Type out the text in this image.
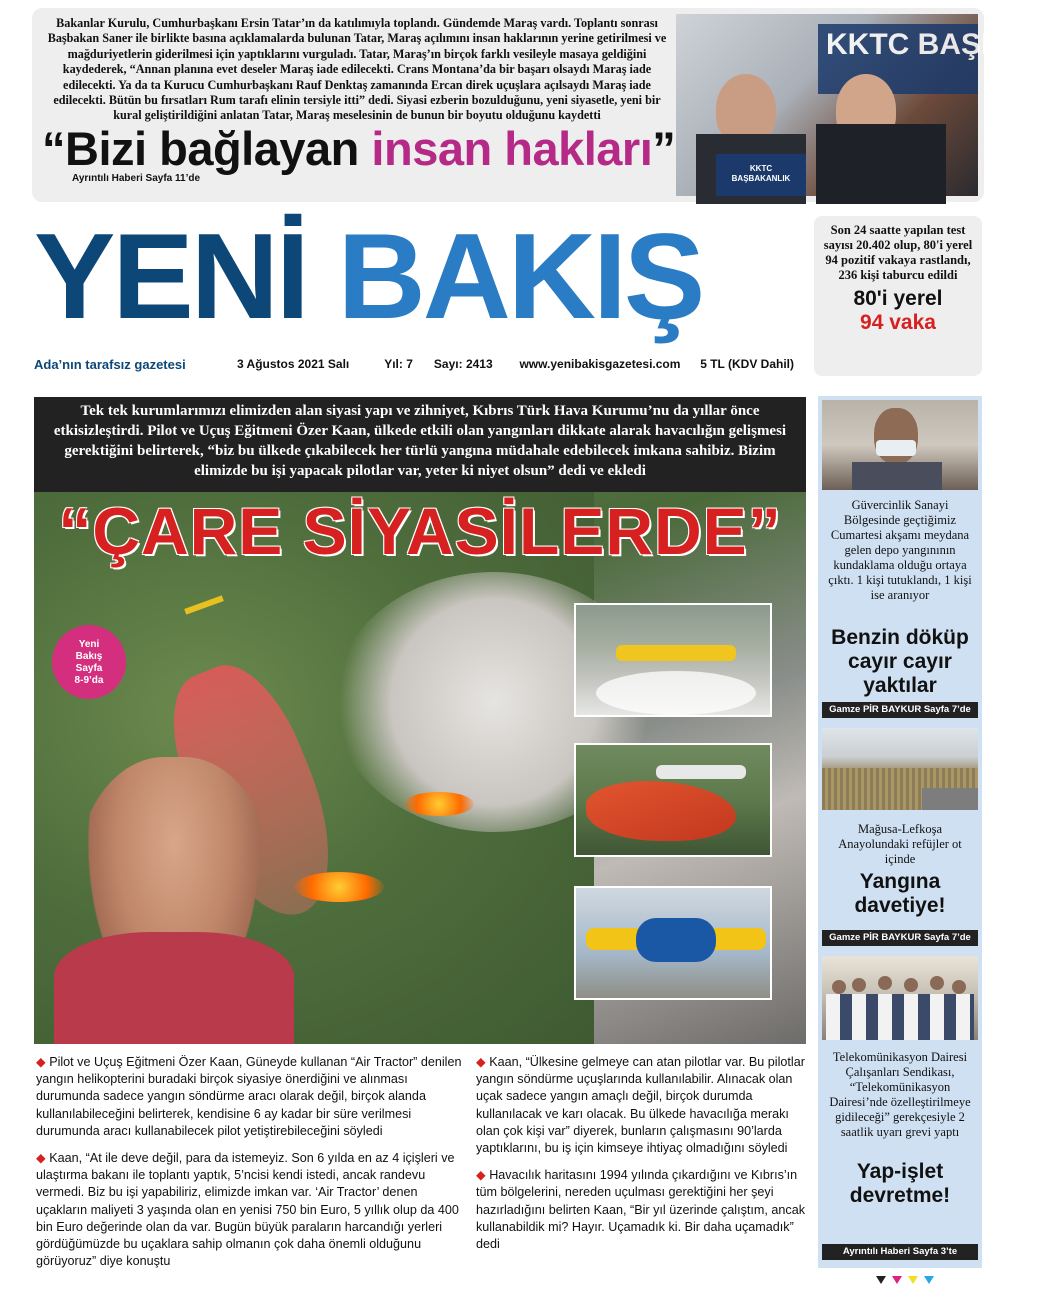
Bakanlar Kurulu, Cumhurbaşkanı Ersin Tatar’ın da katılımıyla toplandı. Gündemde Maraş vardı. Toplantı sonrası Başbakan Saner ile birlikte basına açıklamalarda bulunan Tatar, Maraş açılımını insan haklarının yerine getirilmesi ve mağduriyetlerin giderilmesi için yaptıklarını vurguladı. Tatar, Maraş’ın birçok farklı vesileyle masaya geldiğini kaydederek, “Annan planına evet deseler Maraş iade edilecekti. Crans Montana’da bir başarı olsaydı Maraş iade edilecekti. Ya da ta Kurucu Cumhurbaşkanı Rauf Denktaş zamanında Ercan direk uçuşlara açılsaydı Maraş iade edilecekti. Bütün bu fırsatları Rum tarafı elinin tersiyle itti” dedi. Siyasi ezberin bozulduğunu, yeni siyasetle, yeni bir kural geliştirildiğini anlatan Tatar, Maraş meselesinin de bunun bir boyutu olduğunu kaydetti

“Bizi bağlayan insan hakları”
Ayrıntılı Haberi Sayfa 11’de
KKTC BAŞBAK
KKTC
BAŞBAKANLIK
YENİ BAKIŞ
Ada’nın tarafsız gazetesi	3 Ağustos 2021 Salı	Yıl: 7	Sayı: 2413	www.yenibakisgazetesi.com	5 TL (KDV Dahil)
Son 24 saatte yapılan test sayısı 20.402 olup, 80'i yerel 94 pozitif vakaya rastlandı, 236 kişi taburcu edildi
80'i yerel
94 vaka
Güvercinlik Sanayi Bölgesinde geçtiğimiz Cumartesi akşamı meydana gelen depo yangınının kundaklama olduğu ortaya çıktı. 1 kişi tutuklandı, 1 kişi ise aranıyor
Benzin döküp cayır cayır yaktılar
Gamze PİR BAYKUR Sayfa 7’de
Mağusa-Lefkoşa Anayolundaki refüjler ot içinde
Yangına davetiye!
Gamze PİR BAYKUR Sayfa 7’de
Telekomünikasyon Dairesi Çalışanları Sendikası, “Telekomünikasyon Dairesi’nde özelleştirilmeye gidileceği” gerekçesiyle 2 saatlik uyarı grevi yaptı
Yap-işlet devretme!
Ayrıntılı Haberi Sayfa 3’te
Tek tek kurumlarımızı elimizden alan siyasi yapı ve zihniyet, Kıbrıs Türk Hava Kurumu’nu da yıllar önce etkisizleştirdi. Pilot ve Uçuş Eğitmeni Özer Kaan, ülkede etkili olan yangınları dikkate alarak havacılığın gelişmesi gerektiğini belirterek, “biz bu ülkede çıkabilecek her türlü yangına müdahale edebilecek imkana sahibiz. Bizim elimizde bu işi yapacak pilotlar var, yeter ki niyet olsun” dedi ve ekledi
“ÇARE SİYASİLERDE”
Yeni
Bakış
Sayfa
8-9’da

◆ Pilot ve Uçuş Eğitmeni Özer Kaan, Güneyde kullanan “Air Tractor” denilen yangın helikopterini buradaki birçok siyasiye önerdiğini ve alınması durumunda sadece yangın söndürme aracı olarak değil, birçok alanda kullanılabileceğini belirterek, kendisine 6 ay kadar bir süre verilmesi durumunda aracı kullanabilecek pilot yetiştirebileceğini söyledi

◆ Kaan, “At ile deve değil, para da istemeyiz. Son 6 yılda en az 4 içişleri ve ulaştırma bakanı ile toplantı yaptık, 5’ncisi kendi istedi, ancak randevu vermedi. Biz bu işi yapabiliriz, elimizde imkan var. ‘Air Tractor’ denen uçakların maliyeti 3 yaşında olan en yenisi 750 bin Euro, 5 yıllık olup da 400 bin Euro değerinde olan da var. Bugün büyük paraların harcandığı yerleri gördüğümüzde bu uçaklara sahip olmanın çok daha önemli olduğunu görüyoruz” diye konuştu

◆ Kaan, “Ülkesine gelmeye can atan pilotlar var. Bu pilotlar yangın söndürme uçuşlarında kullanılabilir. Alınacak olan uçak sadece yangın amaçlı değil, birçok durumda kullanılacak ve karı olacak. Bu ülkede havacılığa merakı olan çok kişi var” diyerek, bunların çalışmasını 90’larda yaptıklarını, bu iş için kimseye ihtiyaç olmadığını söyledi

◆ Havacılık haritasını 1994 yılında çıkardığını ve Kıbrıs’ın tüm bölgelerini, nereden uçulması gerektiğini her şeyi hazırladığını belirten Kaan, “Bir yıl üzerinde çalıştım, ancak kullanabildik mi? Hayır. Uçamadık ki. Bir daha uçamadık” dedi
